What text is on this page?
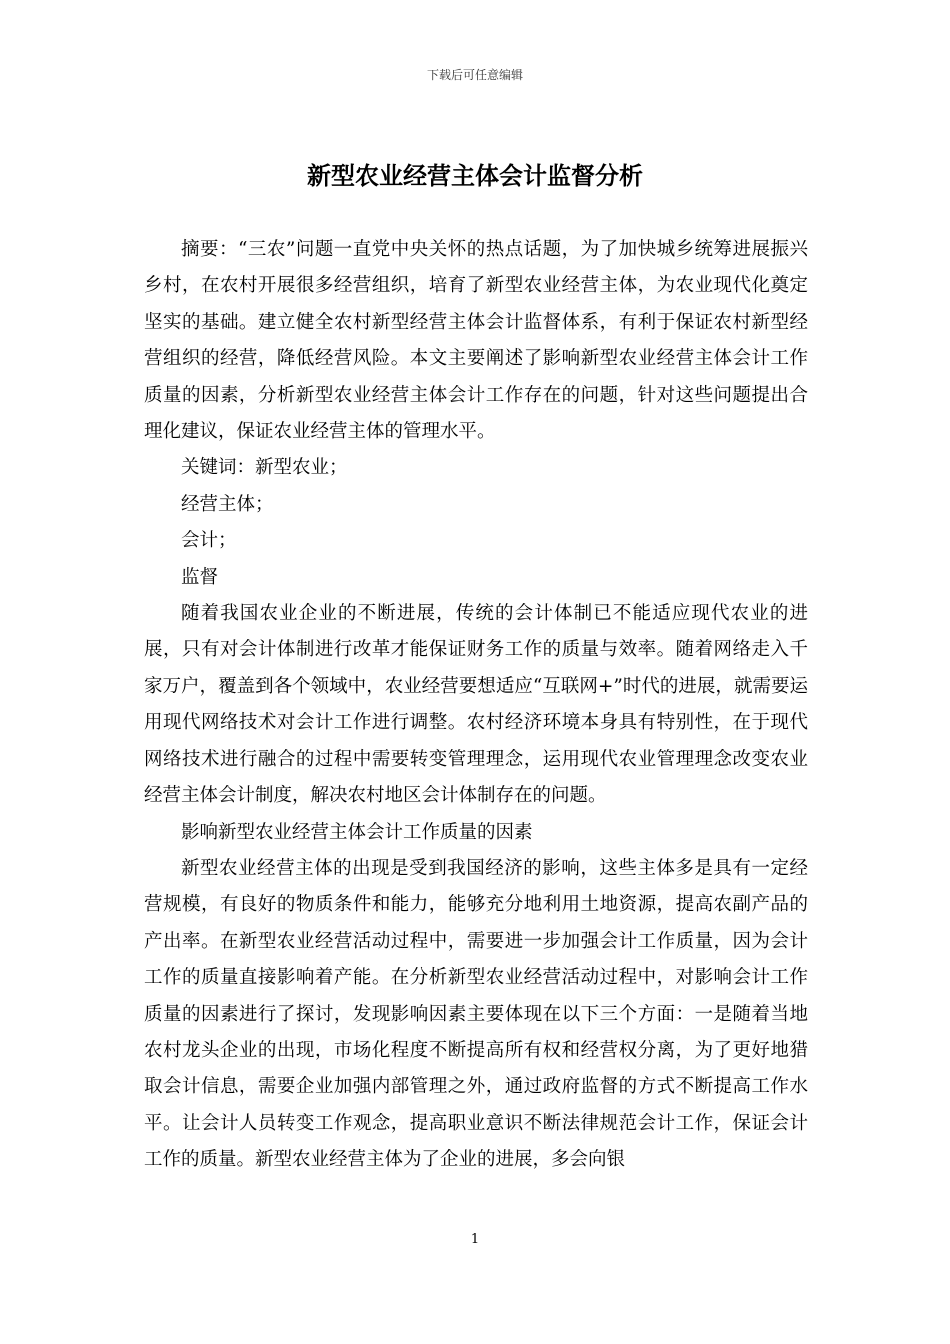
下载后可任意编辑
新型农业经营主体会计监督分析

摘要：“三农”问题一直党中央关怀的热点话题，为了加快城乡统筹进展振兴乡村，在农村开展很多经营组织，培育了新型农业经营主体，为农业现代化奠定坚实的基础。建立健全农村新型经营主体会计监督体系，有利于保证农村新型经营组织的经营，降低经营风险。本文主要阐述了影响新型农业经营主体会计工作质量的因素，分析新型农业经营主体会计工作存在的问题，针对这些问题提出合理化建议，保证农业经营主体的管理水平。

关键词：新型农业；

经营主体；

会计；

监督

随着我国农业企业的不断进展，传统的会计体制已不能适应现代农业的进展，只有对会计体制进行改革才能保证财务工作的质量与效率。随着网络走入千家万户，覆盖到各个领域中，农业经营要想适应“互联网+”时代的进展，就需要运用现代网络技术对会计工作进行调整。农村经济环境本身具有特别性，在于现代网络技术进行融合的过程中需要转变管理理念，运用现代农业管理理念改变农业经营主体会计制度，解决农村地区会计体制存在的问题。

影响新型农业经营主体会计工作质量的因素

新型农业经营主体的出现是受到我国经济的影响，这些主体多是具有一定经营规模，有良好的物质条件和能力，能够充分地利用土地资源，提高农副产品的产出率。在新型农业经营活动过程中，需要进一步加强会计工作质量，因为会计工作的质量直接影响着产能。在分析新型农业经营活动过程中，对影响会计工作质量的因素进行了探讨，发现影响因素主要体现在以下三个方面：一是随着当地农村龙头企业的出现，市场化程度不断提高所有权和经营权分离，为了更好地猎取会计信息，需要企业加强内部管理之外，通过政府监督的方式不断提高工作水平。让会计人员转变工作观念，提高职业意识不断法律规范会计工作，保证会计工作的质量。新型农业经营主体为了企业的进展，多会向银

1
